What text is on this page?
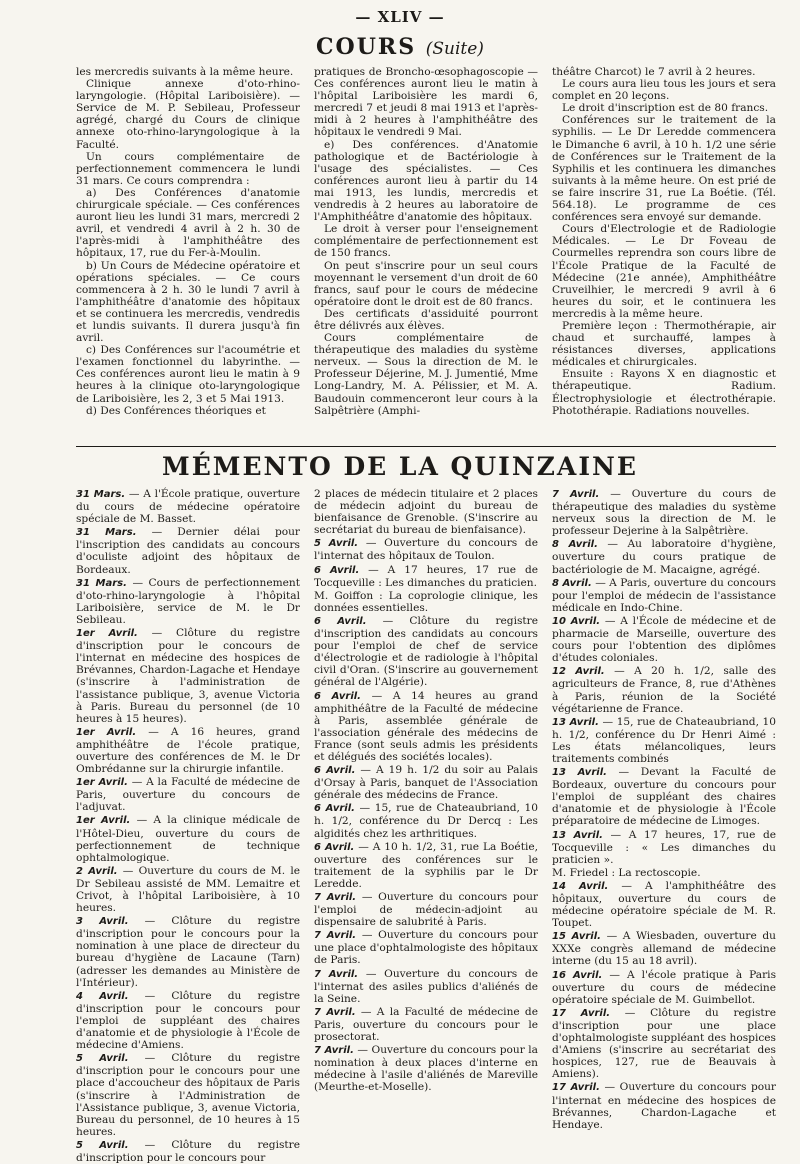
— XLIV —
COURS (Suite)

les mercredis suivants à la même heure.

Clinique annexe d'oto-rhino-laryngologie. (Hôpital Lariboisière). — Service de M. P. Sebileau, Professeur agrégé, chargé du Cours de clinique annexe oto-rhino-laryngologique à la Faculté.

Un cours complémentaire de perfectionnement commencera le lundi 31 mars. Ce cours comprendra :

a) Des Conférences d'anatomie chirurgicale spéciale. — Ces conférences auront lieu les lundi 31 mars, mercredi 2 avril, et vendredi 4 avril à 2 h. 30 de l'après-midi à l'amphithéâtre des hôpitaux, 17, rue du Fer-à-Moulin.

b) Un Cours de Médecine opératoire et opérations spéciales. — Ce cours commencera à 2 h. 30 le lundi 7 avril à l'amphithéâtre d'anatomie des hôpitaux et se continuera les mercredis, vendredis et lundis suivants. Il durera jusqu'à fin avril.

c) Des Conférences sur l'acoumétrie et l'examen fonctionnel du labyrinthe. — Ces conférences auront lieu le matin à 9 heures à la clinique oto-laryngologique de Lariboisière, les 2, 3 et 5 Mai 1913.

d) Des Conférences théoriques et

pratiques de Broncho-œsophagoscopie — Ces conférences auront lieu le matin à l'hôpital Lariboisière les mardi 6, mercredi 7 et jeudi 8 mai 1913 et l'après-midi à 2 heures à l'amphithéâtre des hôpitaux le vendredi 9 Mai.

e) Des conférences. d'Anatomie pathologique et de Bactériologie à l'usage des spécialistes. — Ces conférences auront lieu à partir du 14 mai 1913, les lundis, mercredis et vendredis à 2 heures au laboratoire de l'Amphithéâtre d'anatomie des hôpitaux.

Le droit à verser pour l'enseignement complémentaire de perfectionnement est de 150 francs.

On peut s'inscrire pour un seul cours moyennant le versement d'un droit de 60 francs, sauf pour le cours de médecine opératoire dont le droit est de 80 francs.

Des certificats d'assiduité pourront être délivrés aux élèves.

Cours complémentaire de thérapeutique des maladies du système nerveux. — Sous la direction de M. le Professeur Déjerine, M. J. Jumentié, Mme Long-Landry, M. A. Pélissier, et M. A. Baudouin commenceront leur cours à la Salpêtrière (Amphi-

théâtre Charcot) le 7 avril à 2 heures.

Le cours aura lieu tous les jours et sera complet en 20 leçons.

Le droit d'inscription est de 80 francs.

Conférences sur le traitement de la syphilis. — Le Dr Leredde commencera le Dimanche 6 avril, à 10 h. 1/2 une série de Conférences sur le Traitement de la Syphilis et les continuera les dimanches suivants à la même heure. On est prié de se faire inscrire 31, rue La Boétie. (Tél. 564.18). Le programme de ces conférences sera envoyé sur demande.

Cours d'Electrologie et de Radiologie Médicales. — Le Dr Foveau de Courmelles reprendra son cours libre de l'École Pratique de la Faculté de Médecine (21e année), Amphithéâtre Cruveilhier, le mercredi 9 avril à 6 heures du soir, et le continuera les mercredis à la même heure.

Première leçon : Thermothérapie, air chaud et surchauffé, lampes à résistances diverses, applications médicales et chirurgicales.

Ensuite : Rayons X en diagnostic et thérapeutique. Radium. Électrophysiologie et électrothérapie. Photothérapie. Radiations nouvelles.

MÉMENTO DE LA QUINZAINE

31 Mars. — A l'École pratique, ouverture du cours de médecine opératoire spéciale de M. Basset.

31 Mars. — Dernier délai pour l'inscription des candidats au concours d'oculiste adjoint des hôpitaux de Bordeaux.

31 Mars. — Cours de perfectionnement d'oto-rhino-laryngologie à l'hôpital Lariboisière, service de M. le Dr Sebileau.

1er Avril. — Clôture du registre d'inscription pour le concours de l'internat en médecine des hospices de Brévannes, Chardon-Lagache et Hendaye (s'inscrire à l'administration de l'assistance publique, 3, avenue Victoria à Paris. Bureau du personnel (de 10 heures à 15 heures).

1er Avril. — A 16 heures, grand amphithéâtre de l'école pratique, ouverture des conférences de M. le Dr Ombrédanne sur la chirurgie infantile.

1er Avril. — A la Faculté de médecine de Paris, ouverture du concours de l'adjuvat.

1er Avril. — A la clinique médicale de l'Hôtel-Dieu, ouverture du cours de perfectionnement de technique ophtalmologique.

2 Avril. — Ouverture du cours de M. le Dr Sebileau assisté de MM. Lemaitre et Crivot, à l'hôpital Lariboisière, à 10 heures.

3 Avril. — Clôture du registre d'inscription pour le concours pour la nomination à une place de directeur du bureau d'hygiène de Lacaune (Tarn) (adresser les demandes au Ministère de l'Intérieur).

4 Avril. — Clôture du registre d'inscription pour le concours pour l'emploi de suppléant des chaires d'anatomie et de physiologie à l'École de médecine d'Amiens.

5 Avril. — Clôture du registre d'inscription pour le concours pour une place d'accoucheur des hôpitaux de Paris (s'inscrire à l'Administration de l'Assistance publique, 3, avenue Victoria, Bureau du personnel, de 10 heures à 15 heures.

5 Avril. — Clôture du registre d'inscription pour le concours pour

2 places de médecin titulaire et 2 places de médecin adjoint du bureau de bienfaisance de Grenoble. (S'inscrire au secrétariat du bureau de bienfaisance).

5 Avril. — Ouverture du concours de l'internat des hôpitaux de Toulon.

6 Avril. — A 17 heures, 17 rue de Tocqueville : Les dimanches du praticien.

M. Goiffon : La coprologie clinique, les données essentielles.

6 Avril. — Clôture du registre d'inscription des candidats au concours pour l'emploi de chef de service d'électrologie et de radiologie à l'hôpital civil d'Oran. (S'inscrire au gouvernement général de l'Algérie).

6 Avril. — A 14 heures au grand amphithéâtre de la Faculté de médecine à Paris, assemblée générale de l'association générale des médecins de France (sont seuls admis les présidents et délégués des sociétés locales).

6 Avril. — A 19 h. 1/2 du soir au Palais d'Orsay à Paris, banquet de l'Association générale des médecins de France.

6 Avril. — 15, rue de Chateaubriand, 10 h. 1/2, conférence du Dr Dercq : Les algidités chez les arthritiques.

6 Avril. — A 10 h. 1/2, 31, rue La Boétie, ouverture des conférences sur le traitement de la syphilis par le Dr Leredde.

7 Avril. — Ouverture du concours pour l'emploi de médecin-adjoint au dispensaire de salubrité à Paris.

7 Avril. — Ouverture du concours pour une place d'ophtalmologiste des hôpitaux de Paris.

7 Avril. — Ouverture du concours de l'internat des asiles publics d'aliénés de la Seine.

7 Avril. — A la Faculté de médecine de Paris, ouverture du concours pour le prosectorat.

7 Avril. — Ouverture du concours pour la nomination à deux places d'interne en médecine à l'asile d'aliénés de Mareville (Meurthe-et-Moselle).

7 Avril. — Ouverture du cours de thérapeutique des maladies du système nerveux sous la direction de M. le professeur Dejerine à la Salpêtrière.

8 Avril. — Au laboratoire d'hygiène, ouverture du cours pratique de bactériologie de M. Macaigne, agrégé.

8 Avril. — A Paris, ouverture du concours pour l'emploi de médecin de l'assistance médicale en Indo-Chine.

10 Avril. — A l'École de médecine et de pharmacie de Marseille, ouverture des cours pour l'obtention des diplômes d'études coloniales.

12 Avril. — A 20 h. 1/2, salle des agriculteurs de France, 8, rue d'Athènes à Paris, réunion de la Société végétarienne de France.

13 Avril. — 15, rue de Chateaubriand, 10 h. 1/2, conférence du Dr Henri Aimé : Les états mélancoliques, leurs traitements combinés

13 Avril. — Devant la Faculté de Bordeaux, ouverture du concours pour l'emploi de suppléant des chaires d'anatomie et de physiologie à l'École préparatoire de médecine de Limoges.

13 Avril. — A 17 heures, 17, rue de Tocqueville : « Les dimanches du praticien ».

M. Friedel : La rectoscopie.

14 Avril. — A l'amphithéâtre des hôpitaux, ouverture du cours de médecine opératoire spéciale de M. R. Toupet.

15 Avril. — A Wiesbaden, ouverture du XXXe congrès allemand de médecine interne (du 15 au 18 avril).

16 Avril. — A l'école pratique à Paris ouverture du cours de médecine opératoire spéciale de M. Guimbellot.

17 Avril. — Clôture du registre d'inscription pour une place d'ophtalmologiste suppléant des hospices d'Amiens (s'inscrire au secrétariat des hospices, 127, rue de Beauvais à Amiens).

17 Avril. — Ouverture du concours pour l'internat en médecine des hospices de Brévannes, Chardon-Lagache et Hendaye.
